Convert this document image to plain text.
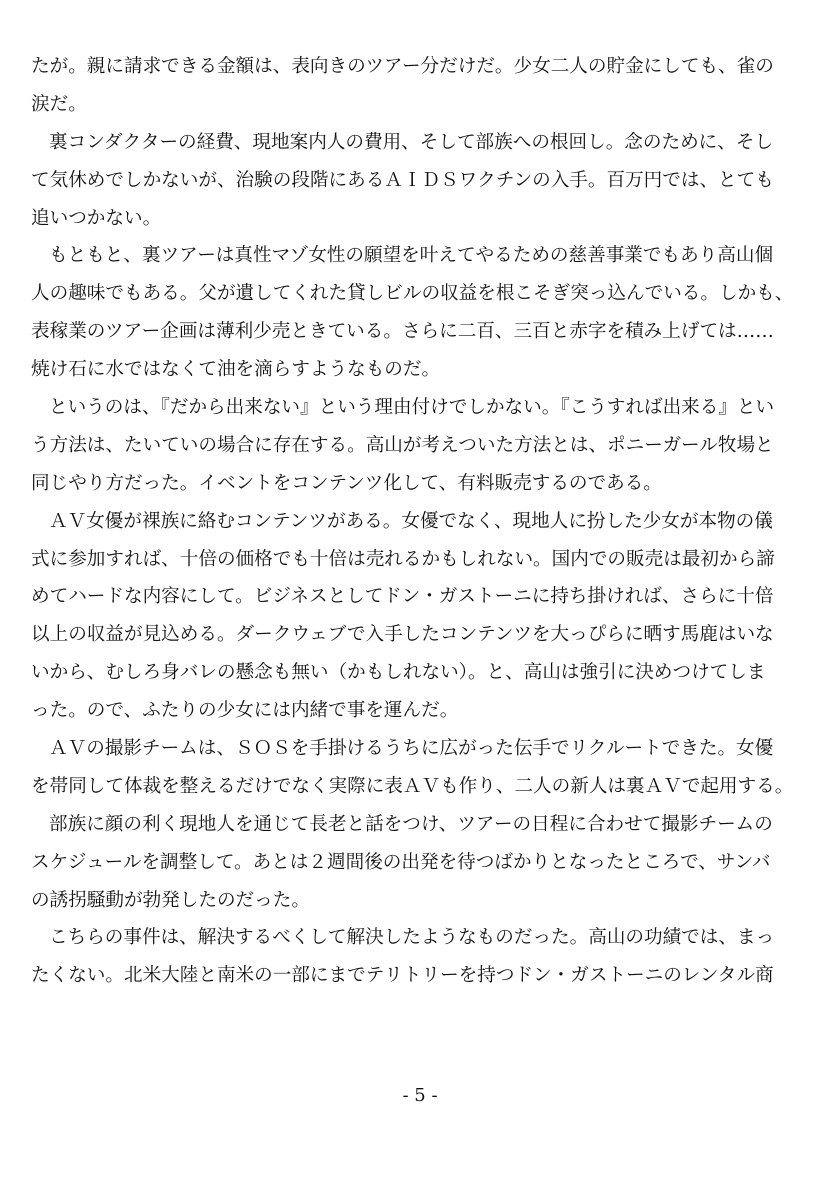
たが。親に請求できる金額は、表向きのツアー分だけだ。少女二人の貯金にしても、雀の
涙だ。
裏コンダクターの経費、現地案内人の費用、そして部族への根回し。念のために、そし
て気休めでしかないが、治験の段階にあるＡＩＤＳワクチンの入手。百万円では、とても
追いつかない。
もともと、裏ツアーは真性マゾ女性の願望を叶えてやるための慈善事業でもあり高山個
人の趣味でもある。父が遺してくれた貸しビルの収益を根こそぎ突っ込んでいる。しかも、
表稼業のツアー企画は薄利少売ときている。さらに二百、三百と赤字を積み上げては……
焼け石に水ではなくて油を滴らすようなものだ。
というのは、『だから出来ない』という理由付けでしかない。『こうすれば出来る』とい
う方法は、たいていの場合に存在する。高山が考えついた方法とは、ポニーガール牧場と
同じやり方だった。イベントをコンテンツ化して、有料販売するのである。
ＡＶ女優が裸族に絡むコンテンツがある。女優でなく、現地人に扮した少女が本物の儀
式に参加すれば、十倍の価格でも十倍は売れるかもしれない。国内での販売は最初から諦
めてハードな内容にして。ビジネスとしてドン・ガストーニに持ち掛ければ、さらに十倍
以上の収益が見込める。ダークウェブで入手したコンテンツを大っぴらに晒す馬鹿はいな
いから、むしろ身バレの懸念も無い（かもしれない）。と、高山は強引に決めつけてしま
った。ので、ふたりの少女には内緒で事を運んだ。
ＡＶの撮影チームは、ＳＯＳを手掛けるうちに広がった伝手でリクルートできた。女優
を帯同して体裁を整えるだけでなく実際に表ＡＶも作り、二人の新人は裏ＡＶで起用する。
部族に顔の利く現地人を通じて長老と話をつけ、ツアーの日程に合わせて撮影チームの
スケジュールを調整して。あとは２週間後の出発を待つばかりとなったところで、サンバ
の誘拐騒動が勃発したのだった。
こちらの事件は、解決するべくして解決したようなものだった。高山の功績では、まっ
たくない。北米大陸と南米の一部にまでテリトリーを持つドン・ガストーニのレンタル商
- 5 -
